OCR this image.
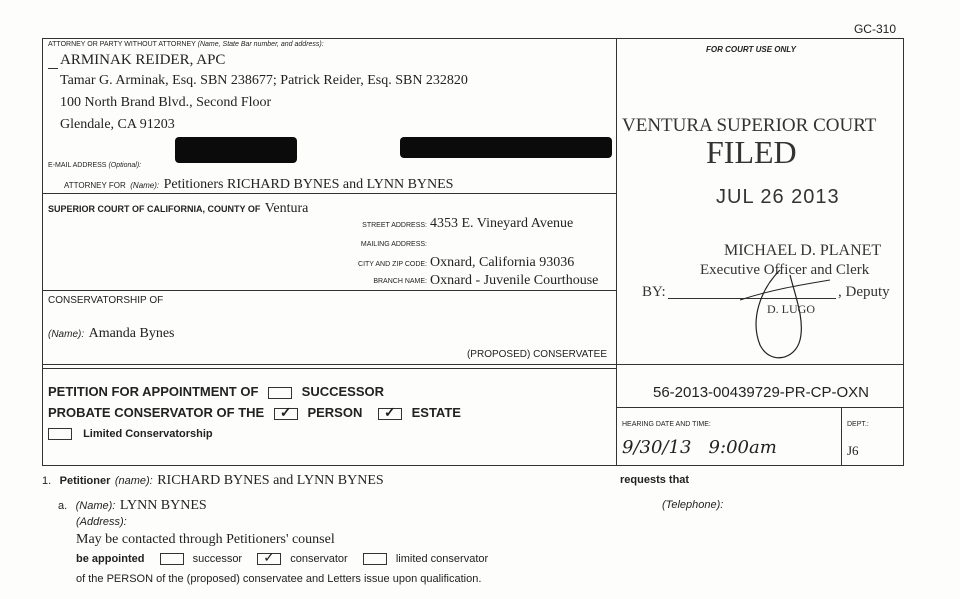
GC-310
ATTORNEY OR PARTY WITHOUT ATTORNEY (Name, State Bar number, and address):
ARMINAK REIDER, APC
Tamar G. Arminak, Esq. SBN 238677; Patrick Reider, Esq. SBN 232820
100 North Brand Blvd., Second Floor
Glendale, CA 91203
E-MAIL ADDRESS (Optional):
ATTORNEY FOR (Name): Petitioners RICHARD BYNES and LYNN BYNES
SUPERIOR COURT OF CALIFORNIA, COUNTY OF Ventura
STREET ADDRESS: 4353 E. Vineyard Avenue
MAILING ADDRESS:
CITY AND ZIP CODE: Oxnard, California 93036
BRANCH NAME: Oxnard - Juvenile Courthouse
CONSERVATORSHIP OF
(Name): Amanda Bynes
(PROPOSED) CONSERVATEE
PETITION FOR APPOINTMENT OF	SUCCESSOR
PROBATE CONSERVATOR OF THE ✓	PERSON ✓	ESTATE
Limited Conservatorship
FOR COURT USE ONLY
VENTURA SUPERIOR COURT
FILED
JUL 26 2013
MICHAEL D. PLANET
Executive Officer and Clerk
BY:	, Deputy
D. LUGO
56-2013-00439729-PR-CP-OXN
HEARING DATE AND TIME:
9/30/13   9:00am
DEPT.:
J6
1. Petitioner (name): RICHARD BYNES and LYNN BYNES	requests that
a. (Name): LYNN BYNES	(Telephone):
(Address):
May be contacted through Petitioners' counsel
be appointed	successor ✓	conservator	limited conservator
of the PERSON of the (proposed) conservatee and Letters issue upon qualification.
